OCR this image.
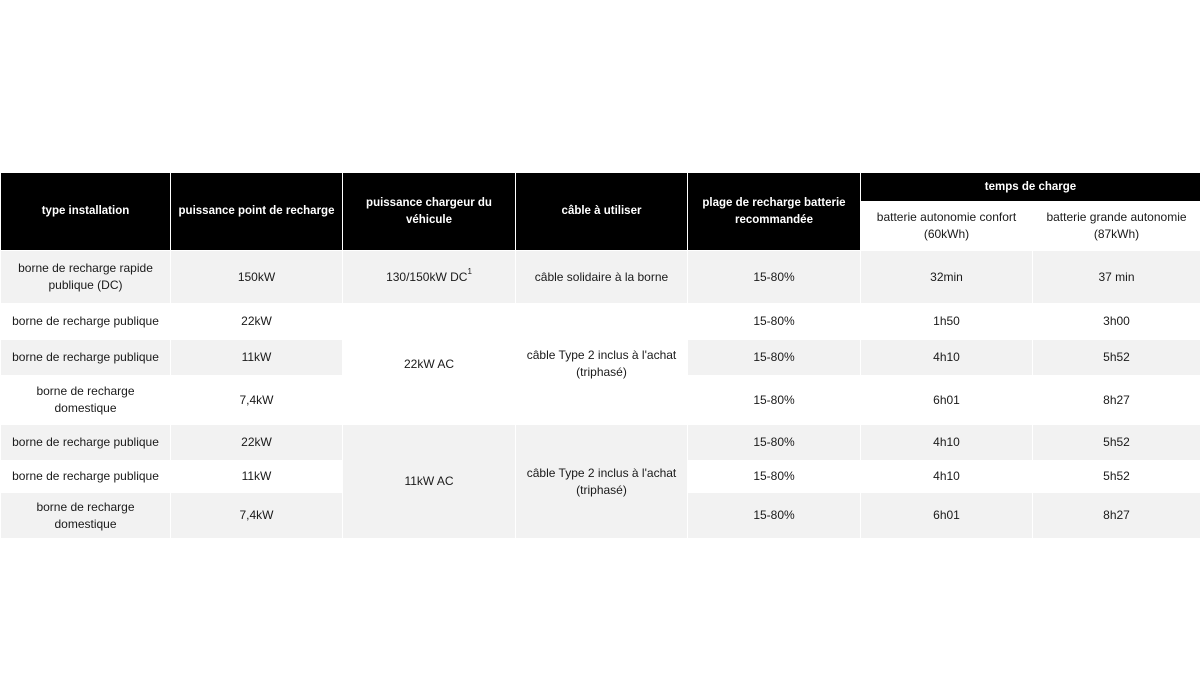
type installation	puissance point de recharge	puissance chargeur du véhicule	câble à utiliser	plage de recharge batterie recommandée	temps de charge	
					batterie autonomie confort (60kWh)	batterie grande autonomie (87kWh)
borne de recharge rapide publique (DC)	150kW	130/150kW $DC^1$	câble solidaire à la borne	15-80%	32min	37 min
borne de recharge publique	22kW	22kW AC	câble Type 2 inclus à l'achat (triphasé)	15-80%	1h50	3h00
borne de recharge publique	11kW			15-80%	4h10	5h52
borne de recharge domestique	7,4kW			15-80%	6h01	8h27
borne de recharge publique	22kW	11kW AC	câble Type 2 inclus à l'achat (triphasé)	15-80%	4h10	5h52
borne de recharge publique	11kW			15-80%	4h10	5h52
borne de recharge domestique	7,4kW			15-80%	6h01	8h27
